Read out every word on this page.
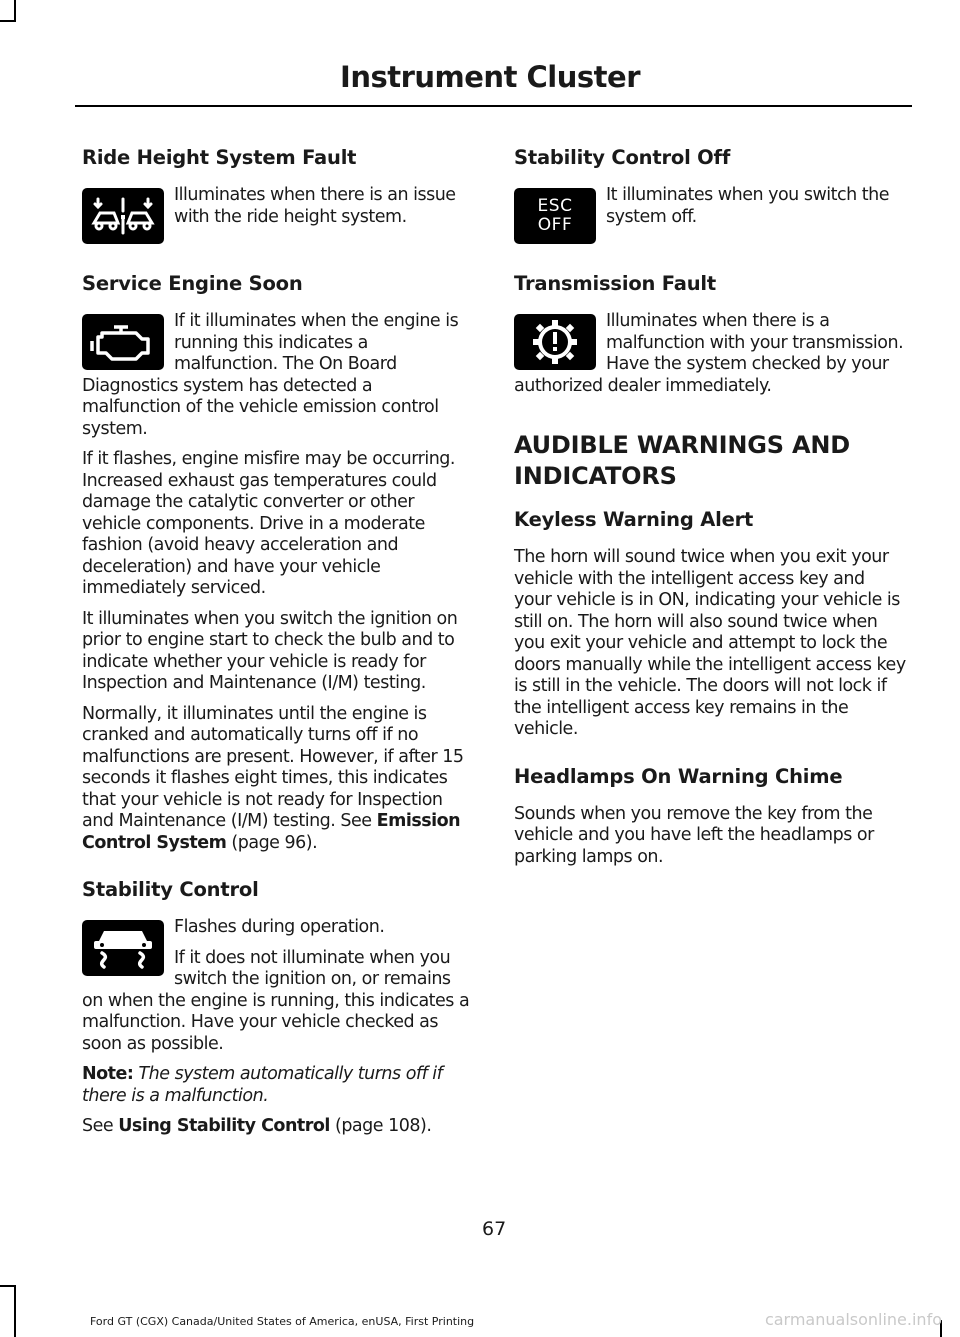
Instrument Cluster
Ride Height System Fault

Illuminates when there is an issue with the ride height system.

Service Engine Soon

If it illuminates when the engine is running this indicates a malfunction. The On Board Diagnostics system has detected a malfunction of the vehicle emission control system.

If it flashes, engine misfire may be occurring. Increased exhaust gas temperatures could damage the catalytic converter or other vehicle components. Drive in a moderate fashion (avoid heavy acceleration and deceleration) and have your vehicle immediately serviced.

It illuminates when you switch the ignition on prior to engine start to check the bulb and to indicate whether your vehicle is ready for Inspection and Maintenance (I/M) testing.

Normally, it illuminates until the engine is cranked and automatically turns off if no malfunctions are present. However, if after 15 seconds it flashes eight times, this indicates that your vehicle is not ready for Inspection and Maintenance (I/M) testing. See Emission Control System (page 96).

Stability Control

Flashes during operation.

If it does not illuminate when you switch the ignition on, or remains on when the engine is running, this indicates a malfunction. Have your vehicle checked as soon as possible.

Note: The system automatically turns off if there is a malfunction.

See Using Stability Control (page 108).

Stability Control Off
ESC
OFF

It illuminates when you switch the system off.

Transmission Fault

Illuminates when there is a malfunction with your transmission. Have the system checked by your authorized dealer immediately.

AUDIBLE WARNINGS AND INDICATORS
Keyless Warning Alert

The horn will sound twice when you exit your vehicle with the intelligent access key and your vehicle is in ON, indicating your vehicle is still on. The horn will also sound twice when you exit your vehicle and attempt to lock the doors manually while the intelligent access key is still in the vehicle. The doors will not lock if the intelligent access key remains in the vehicle.

Headlamps On Warning Chime

Sounds when you remove the key from the vehicle and you have left the headlamps or parking lamps on.

67
Ford GT (CGX) Canada/United States of America, enUSA, First Printing	carmanualsonline.info
